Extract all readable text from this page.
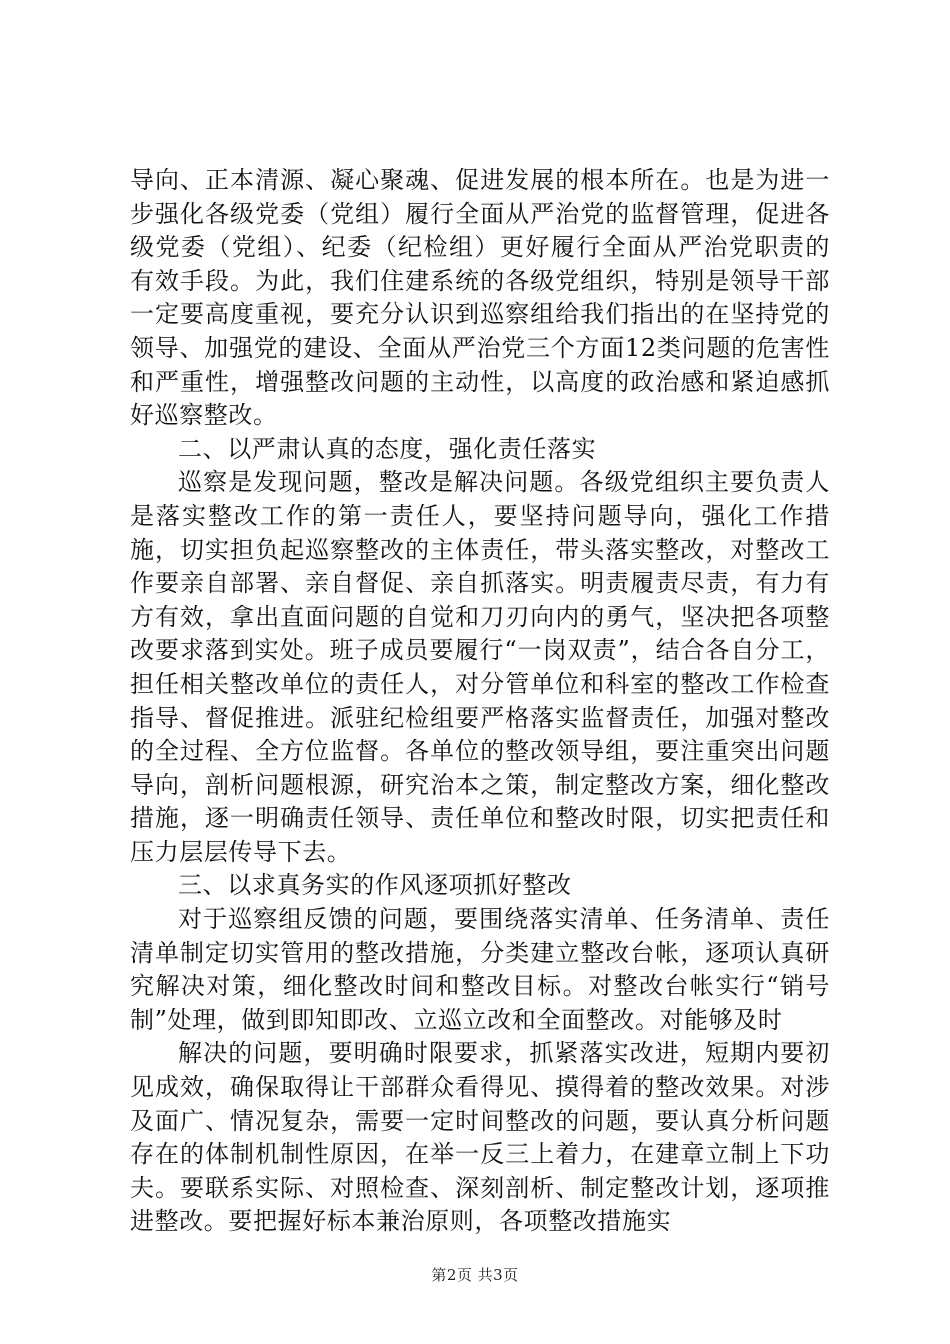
导向、正本清源、凝心聚魂、促进发展的根本所在。也是为进一步强化各级党委（党组）履行全面从严治党的监督管理，促进各级党委（党组）、纪委（纪检组）更好履行全面从严治党职责的有效手段。为此，我们住建系统的各级党组织，特别是领导干部一定要高度重视，要充分认识到巡察组给我们指出的在坚持党的领导、加强党的建设、全面从严治党三个方面12类问题的危害性和严重性，增强整改问题的主动性，以高度的政治感和紧迫感抓好巡察整改。

二、以严肃认真的态度，强化责任落实

巡察是发现问题，整改是解决问题。各级党组织主要负责人是落实整改工作的第一责任人，要坚持问题导向，强化工作措施，切实担负起巡察整改的主体责任，带头落实整改，对整改工作要亲自部署、亲自督促、亲自抓落实。明责履责尽责，有力有方有效，拿出直面问题的自觉和刀刃向内的勇气，坚决把各项整改要求落到实处。班子成员要履行“一岗双责”，结合各自分工，担任相关整改单位的责任人，对分管单位和科室的整改工作检查指导、督促推进。派驻纪检组要严格落实监督责任，加强对整改的全过程、全方位监督。各单位的整改领导组，要注重突出问题导向，剖析问题根源，研究治本之策，制定整改方案，细化整改措施，逐一明确责任领导、责任单位和整改时限，切实把责任和压力层层传导下去。

三、以求真务实的作风逐项抓好整改

对于巡察组反馈的问题，要围绕落实清单、任务清单、责任清单制定切实管用的整改措施，分类建立整改台帐，逐项认真研究解决对策，细化整改时间和整改目标。对整改台帐实行“销号制”处理，做到即知即改、立巡立改和全面整改。对能够及时

解决的问题，要明确时限要求，抓紧落实改进，短期内要初见成效，确保取得让干部群众看得见、摸得着的整改效果。对涉及面广、情况复杂，需要一定时间整改的问题，要认真分析问题存在的体制机制性原因，在举一反三上着力，在建章立制上下功夫。要联系实际、对照检查、深刻剖析、制定整改计划，逐项推进整改。要把握好标本兼治原则，各项整改措施实

第2页 共3页
